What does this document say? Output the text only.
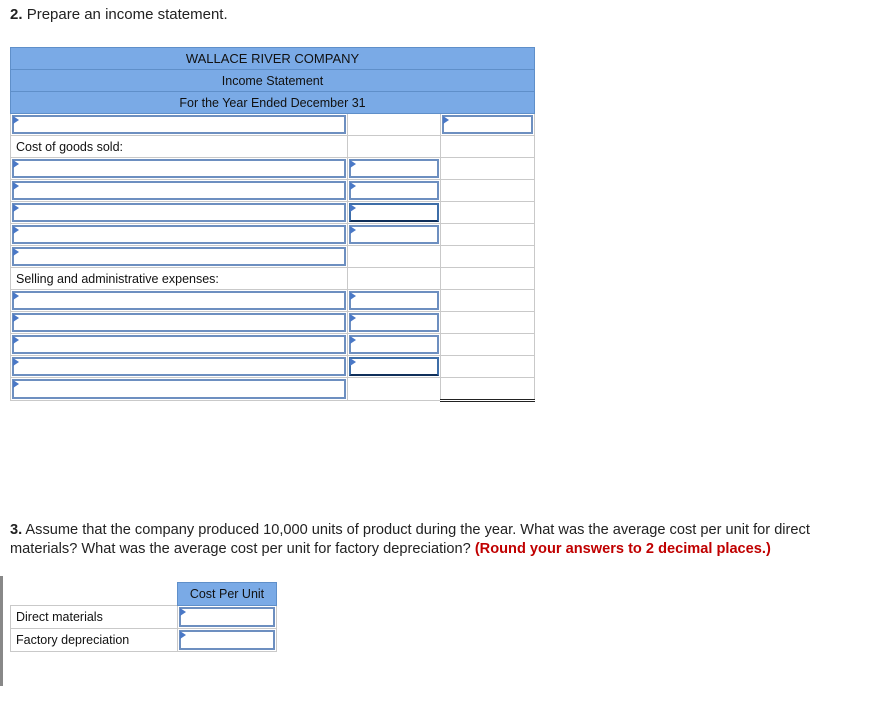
2. Prepare an income statement.
WALLACE RIVER COMPANY		
Income Statement		
For the Year Ended December 31		

Cost of goods sold:		

Selling and administrative expenses:		

3. Assume that the company produced 10,000 units of product during the year. What was the average cost per unit for direct materials? What was the average cost per unit for factory depreciation? (Round your answers to 2 decimal places.)
	Cost Per Unit
Direct materials	

Factory depreciation	
